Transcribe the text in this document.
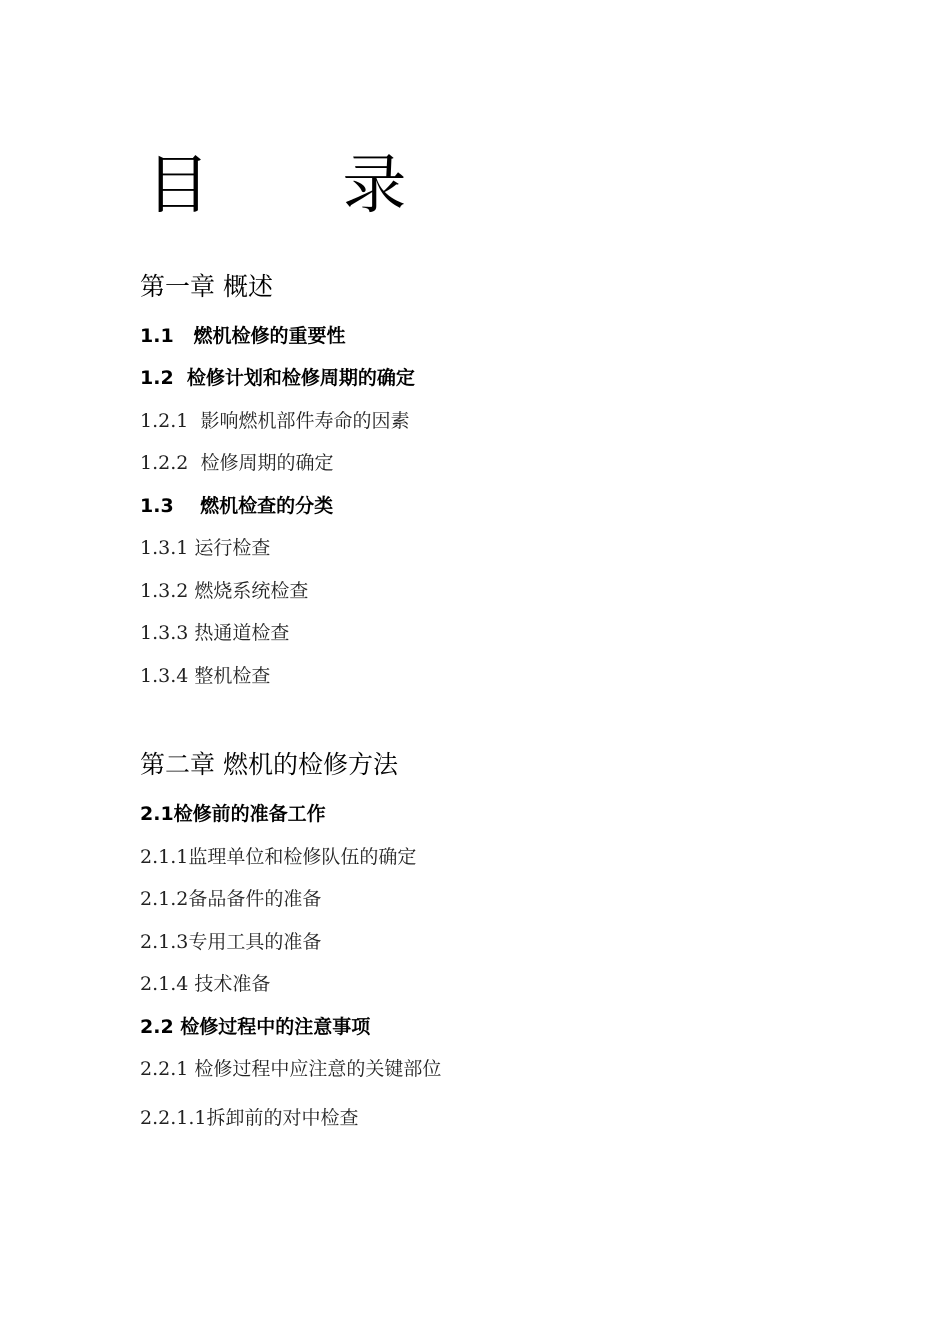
目 录
第一章 概述
1.1   燃机检修的重要性
1.2  检修计划和检修周期的确定
1.2.1  影响燃机部件寿命的因素
1.2.2  检修周期的确定
1.3    燃机检查的分类
1.3.1 运行检查
1.3.2 燃烧系统检查
1.3.3 热通道检查
1.3.4 整机检查
第二章 燃机的检修方法
2.1检修前的准备工作
2.1.1监理单位和检修队伍的确定
2.1.2备品备件的准备
2.1.3专用工具的准备
2.1.4 技术准备
2.2 检修过程中的注意事项
2.2.1 检修过程中应注意的关键部位
2.2.1.1拆卸前的对中检查
